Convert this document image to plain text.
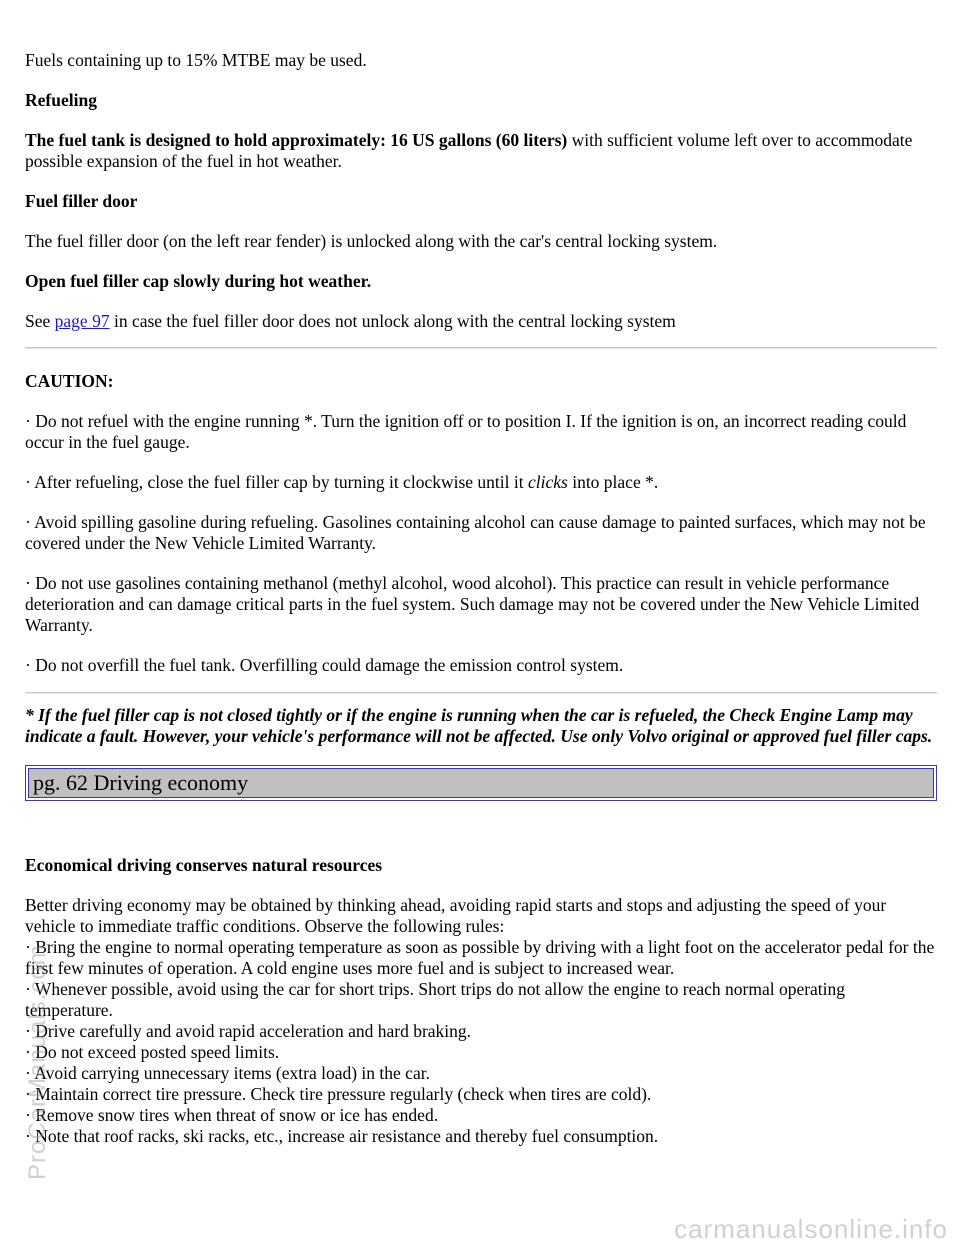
Fuels containing up to 15% MTBE may be used.

Refueling

The fuel tank is designed to hold approximately: 16 US gallons (60 liters) with sufficient volume left over to accommodate possible expansion of the fuel in hot weather.

Fuel filler door

The fuel filler door (on the left rear fender) is unlocked along with the car's central locking system.

Open fuel filler cap slowly during hot weather.

See page 97 in case the fuel filler door does not unlock along with the central locking system

CAUTION:

· Do not refuel with the engine running *. Turn the ignition off or to position I. If the ignition is on, an incorrect reading could occur in the fuel gauge.

· After refueling, close the fuel filler cap by turning it clockwise until it clicks into place *.

· Avoid spilling gasoline during refueling. Gasolines containing alcohol can cause damage to painted surfaces, which may not be covered under the New Vehicle Limited Warranty.

· Do not use gasolines containing methanol (methyl alcohol, wood alcohol). This practice can result in vehicle performance deterioration and can damage critical parts in the fuel system. Such damage may not be covered under the New Vehicle Limited Warranty.

· Do not overfill the fuel tank. Overfilling could damage the emission control system.

* If the fuel filler cap is not closed tightly or if the engine is running when the car is refueled, the Check Engine Lamp may indicate a fault. However, your vehicle's performance will not be affected. Use only Volvo original or approved fuel filler caps.

pg. 62 Driving economy

Economical driving conserves natural resources

Better driving economy may be obtained by thinking ahead, avoiding rapid starts and stops and adjusting the speed of your vehicle to immediate traffic conditions. Observe the following rules:

· Bring the engine to normal operating temperature as soon as possible by driving with a light foot on the accelerator pedal for the first few minutes of operation. A cold engine uses more fuel and is subject to increased wear.

· Whenever possible, avoid using the car for short trips. Short trips do not allow the engine to reach normal operating temperature.

· Drive carefully and avoid rapid acceleration and hard braking.

· Do not exceed posted speed limits.

· Avoid carrying unnecessary items (extra load) in the car.

· Maintain correct tire pressure. Check tire pressure regularly (check when tires are cold).

· Remove snow tires when threat of snow or ice has ended.

· Note that roof racks, ski racks, etc., increase air resistance and thereby fuel consumption.

ProCarManuals.com
carmanualsonline.info
